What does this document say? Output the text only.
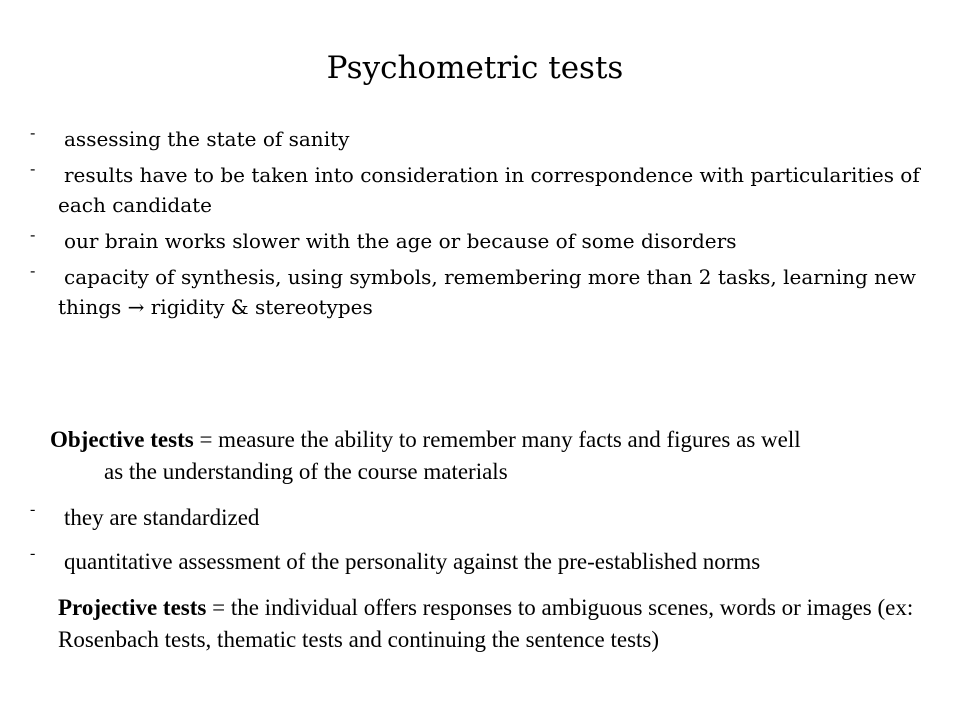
Psychometric tests
-	assessing the state of sanity
-	results have to be taken into consideration in correspondence with particularities of each candidate
-	our brain works slower with the age or because of some disorders
-	capacity of synthesis, using symbols, remembering more than 2 tasks, learning new things → rigidity & stereotypes
Objective tests = measure the ability to remember many facts and figures as well
as the understanding of the course materials
- they are standardized
- quantitative assessment of the personality against the pre-established norms
Projective tests = the individual offers responses to ambiguous scenes, words or images (ex: Rosenbach tests, thematic tests and continuing the sentence tests)
